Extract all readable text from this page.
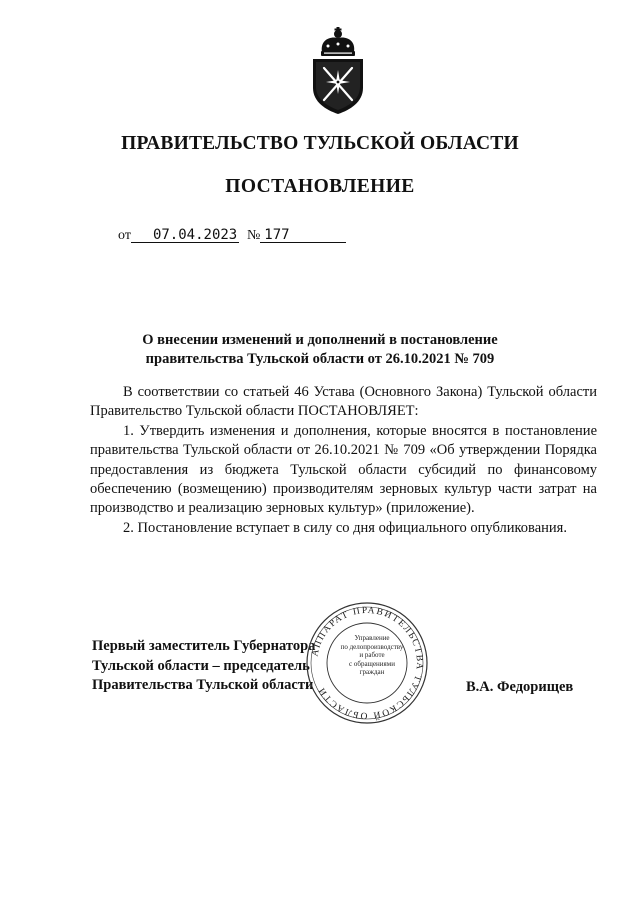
ПРАВИТЕЛЬСТВО ТУЛЬСКОЙ ОБЛАСТИ
ПОСТАНОВЛЕНИЕ
от 07.04.2023 № 177
О внесении изменений и дополнений в постановление
правительства Тульской области от 26.10.2021 № 709

В соответствии со статьей 46 Устава (Основного Закона) Тульской области Правительство Тульской области ПОСТАНОВЛЯЕТ:

1. Утвердить изменения и дополнения, которые вносятся в постановление правительства Тульской области от 26.10.2021 № 709 «Об утверждении Порядка предоставления из бюджета Тульской области субсидий по финансовому обеспечению (возмещению) производителям зерновых культур части затрат на производство и реализацию зерновых культур» (приложение).

2. Постановление вступает в силу со дня официального опубликования.

Первый заместитель Губернатора
Тульской области – председатель
Правительства Тульской области
АППАРАТ ПРАВИТЕЛЬСТВА ТУЛЬСКОЙ ОБЛАСТИ
Управление
по делопроизводству
и работе
с обращениями
граждан
В.А. Федорищев
